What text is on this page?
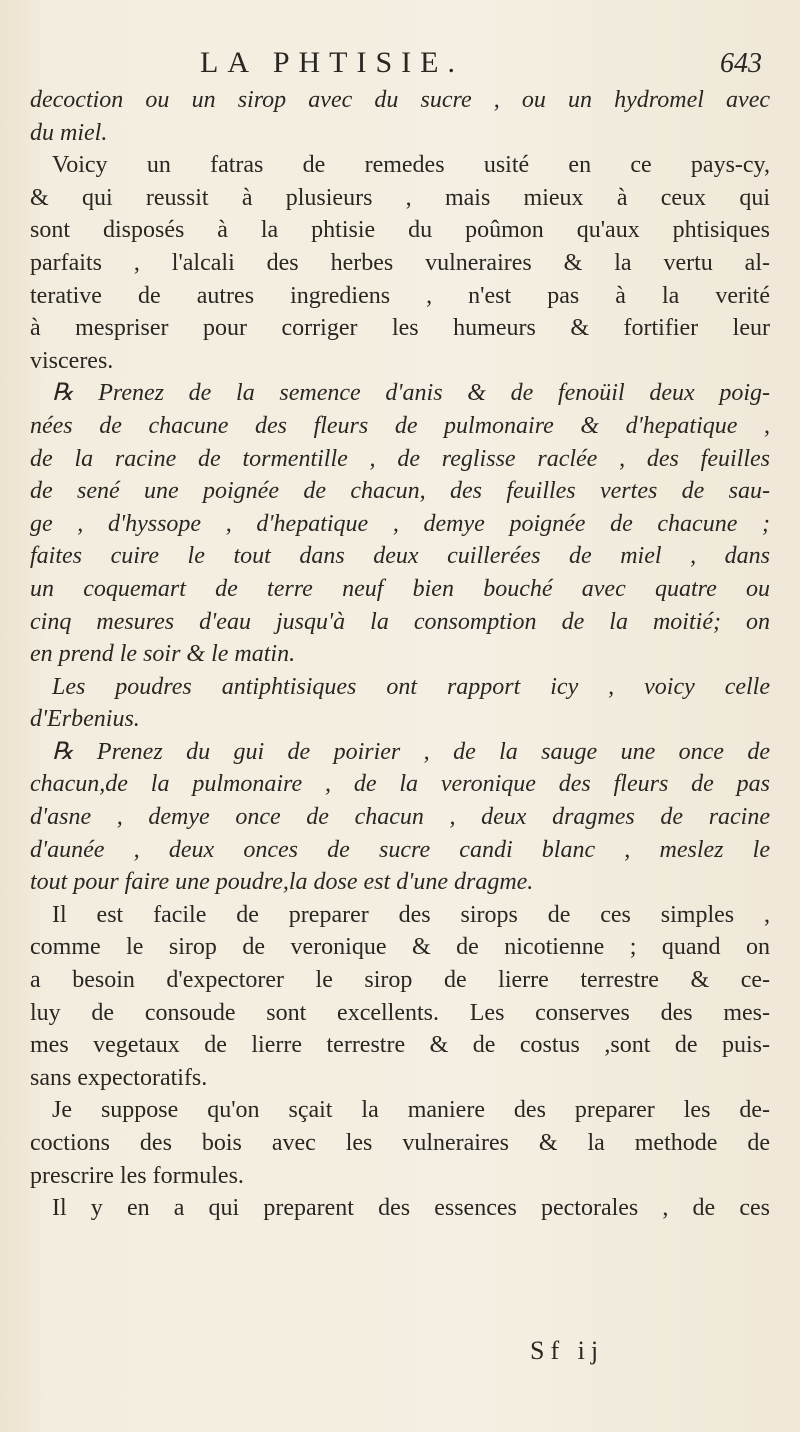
LA PHTISIE.	643
decoction ou un sirop avec du sucre , ou un hydromel avec
du miel.
Voicy un fatras de remedes usité en ce pays-cy,
& qui reussit à plusieurs , mais mieux à ceux qui
sont disposés à la phtisie du poûmon qu'aux phtisiques
parfaits , l'alcali des herbes vulneraires & la vertu al-
terative de autres ingrediens , n'est pas à la verité
à mespriser pour corriger les humeurs & fortifier leur
visceres.
℞ Prenez de la semence d'anis & de fenoüil deux poig-
nées de chacune des fleurs de pulmonaire & d'hepatique ,
de la racine de tormentille , de reglisse raclée , des feuilles
de sené une poignée de chacun, des feuilles vertes de sau-
ge , d'hyssope , d'hepatique , demye poignée de chacune ;
faites cuire le tout dans deux cuillerées de miel , dans
un coquemart de terre neuf bien bouché avec quatre ou
cinq mesures d'eau jusqu'à la consomption de la moitié; on
en prend le soir & le matin.
Les poudres antiphtisiques ont rapport icy , voicy celle
d'Erbenius.
℞ Prenez du gui de poirier , de la sauge une once de
chacun,de la pulmonaire , de la veronique des fleurs de pas
d'asne , demye once de chacun , deux dragmes de racine
d'aunée , deux onces de sucre candi blanc , meslez le
tout pour faire une poudre,la dose est d'une dragme.
Il est facile de preparer des sirops de ces simples ,
comme le sirop de veronique & de nicotienne ; quand on
a besoin d'expectorer le sirop de lierre terrestre & ce-
luy de consoude sont excellents. Les conserves des mes-
mes vegetaux de lierre terrestre & de costus ,sont de puis-
sans expectoratifs.
Je suppose qu'on sçait la maniere des preparer les de-
coctions des bois avec les vulneraires & la methode de
prescrire les formules.
Il y en a qui preparent des essences pectorales , de ces
Sf ij
